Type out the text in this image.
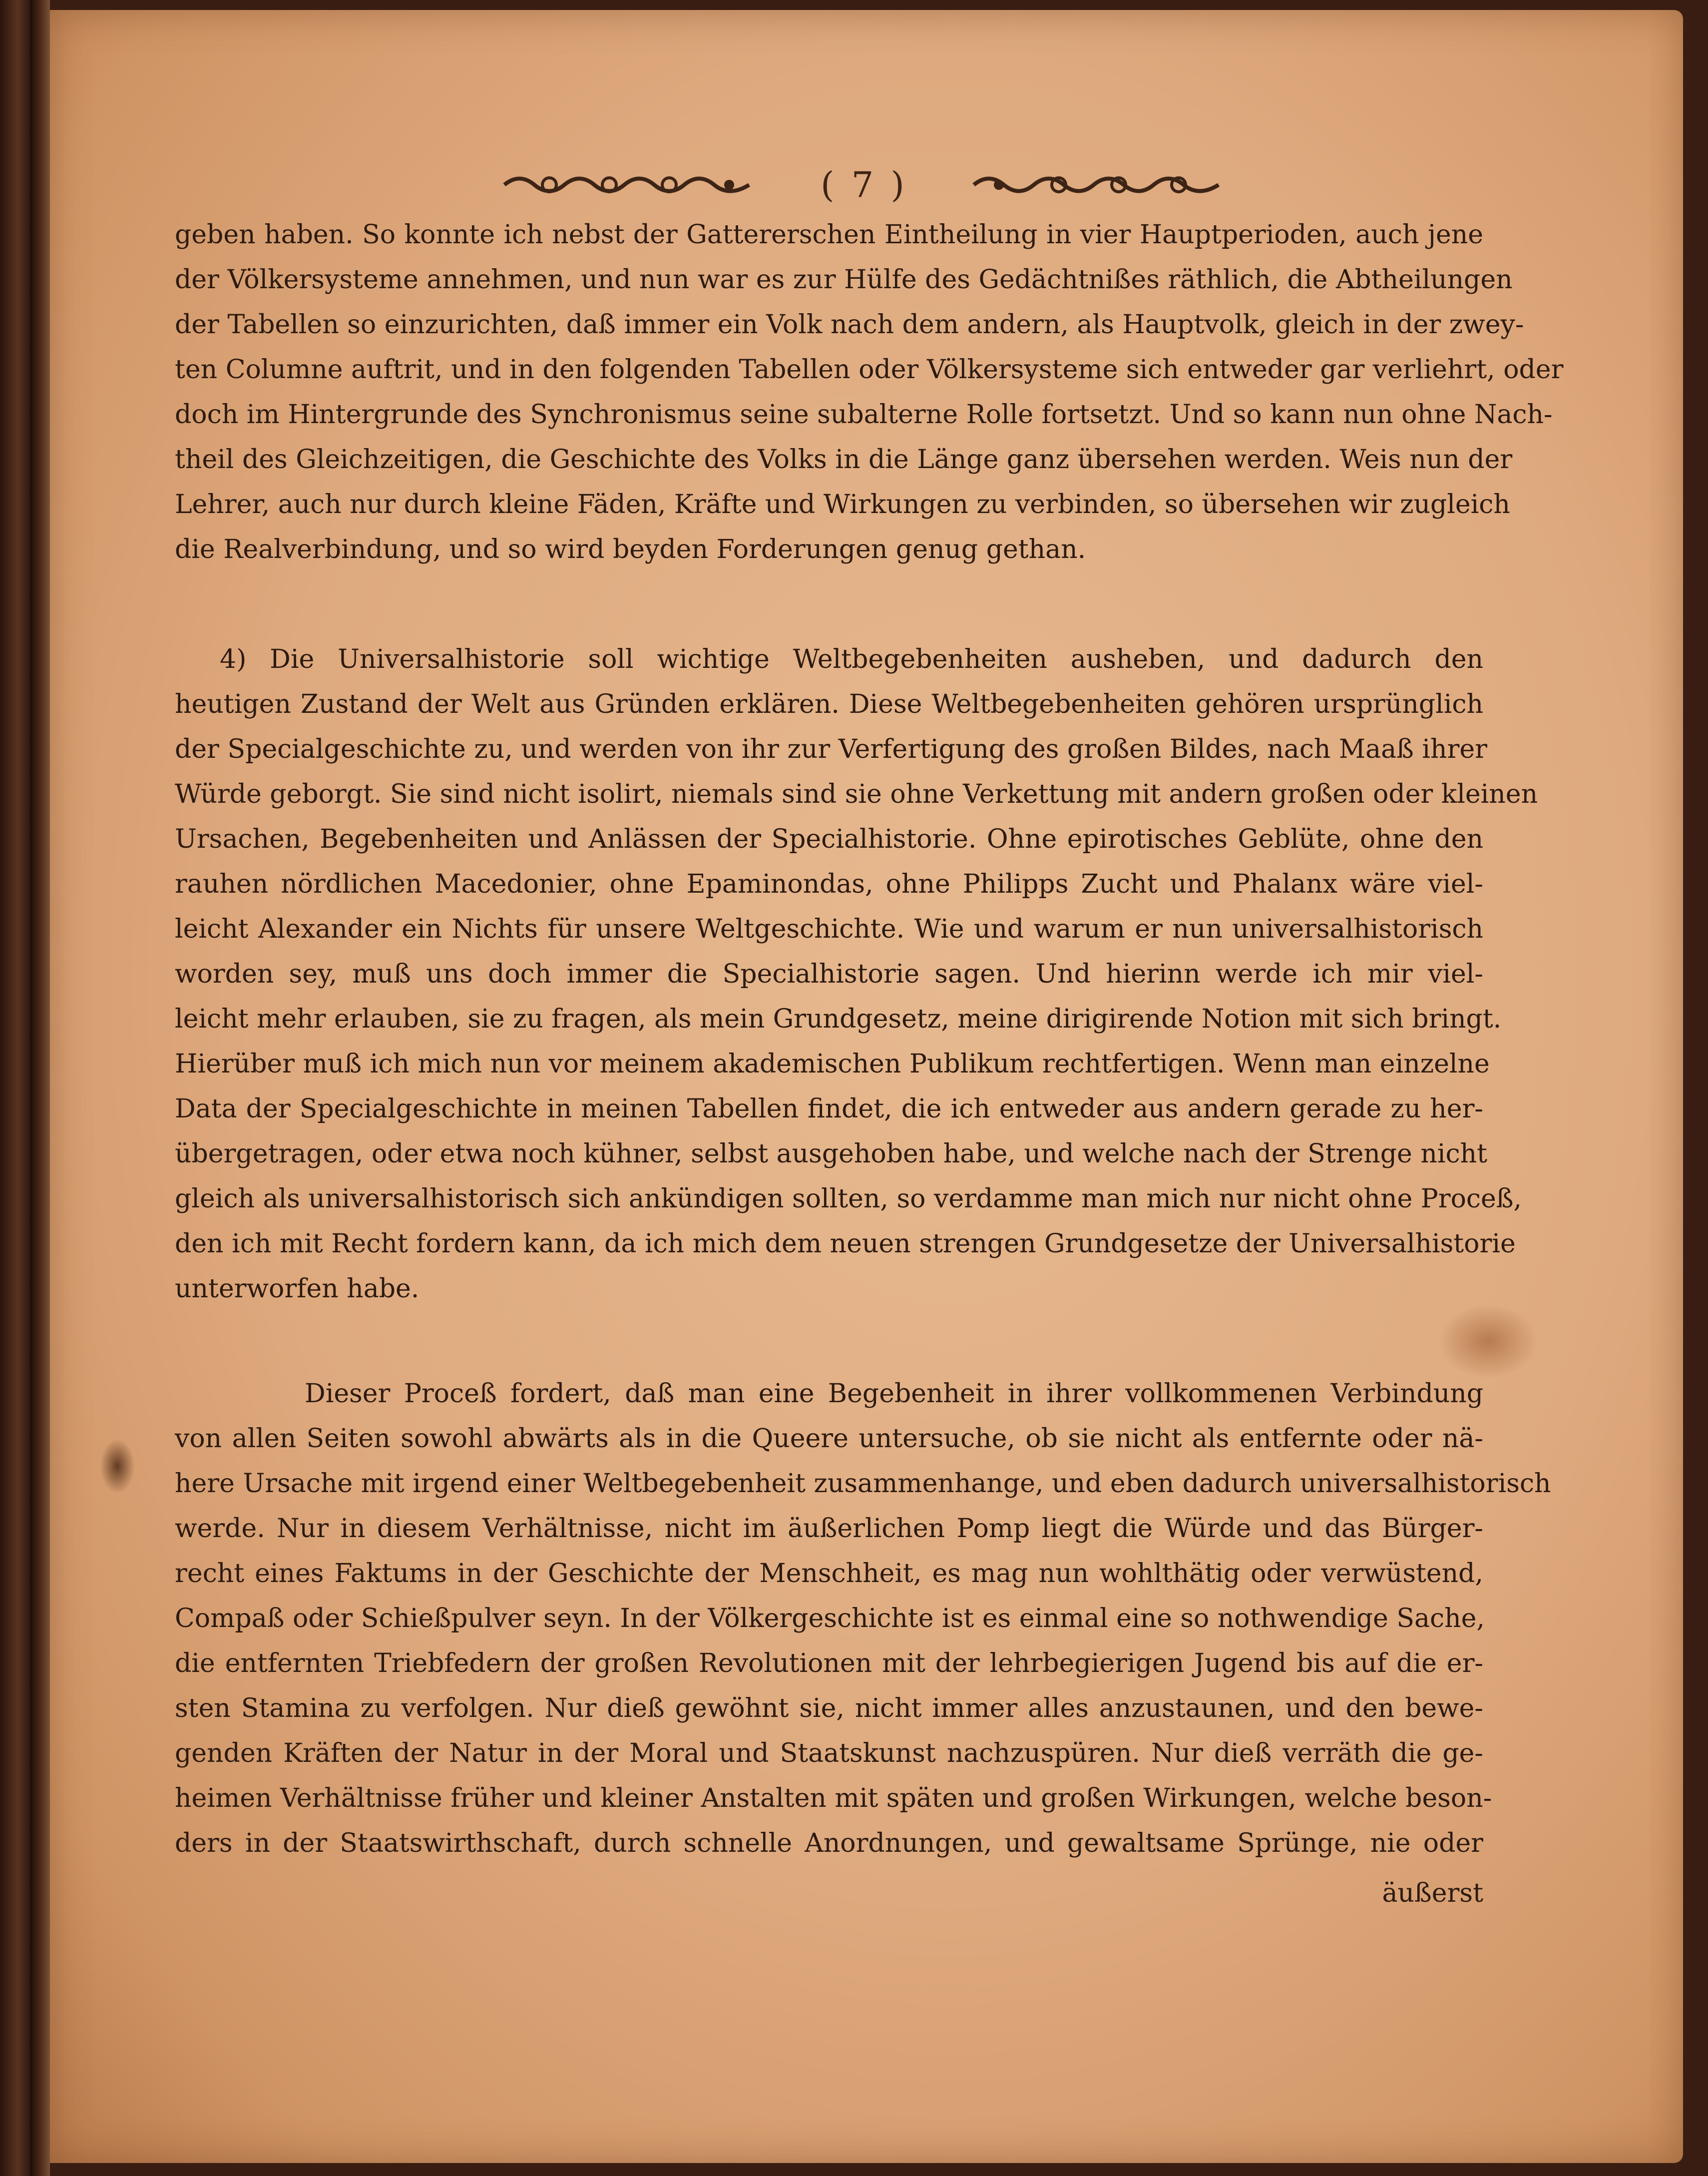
( 7 )
geben haben. So konnte ich nebst der Gattererschen Eintheilung in vier Hauptperioden, auch jene
der Völkersysteme annehmen, und nun war es zur Hülfe des Gedächtnißes räthlich, die Abtheilungen
der Tabellen so einzurichten, daß immer ein Volk nach dem andern, als Hauptvolk, gleich in der zwey-
ten Columne auftrit, und in den folgenden Tabellen oder Völkersysteme sich entweder gar verliehrt, oder
doch im Hintergrunde des Synchronismus seine subalterne Rolle fortsetzt. Und so kann nun ohne Nach-
theil des Gleichzeitigen, die Geschichte des Volks in die Länge ganz übersehen werden. Weis nun der
Lehrer, auch nur durch kleine Fäden, Kräfte und Wirkungen zu verbinden, so übersehen wir zugleich
die Realverbindung, und so wird beyden Forderungen genug gethan.
4) Die Universalhistorie soll wichtige Weltbegebenheiten ausheben, und dadurch den
heutigen Zustand der Welt aus Gründen erklären. Diese Weltbegebenheiten gehören ursprünglich
der Specialgeschichte zu, und werden von ihr zur Verfertigung des großen Bildes, nach Maaß ihrer
Würde geborgt. Sie sind nicht isolirt, niemals sind sie ohne Verkettung mit andern großen oder kleinen
Ursachen, Begebenheiten und Anlässen der Specialhistorie. Ohne epirotisches Geblüte, ohne den
rauhen nördlichen Macedonier, ohne Epaminondas, ohne Philipps Zucht und Phalanx wäre viel-
leicht Alexander ein Nichts für unsere Weltgeschichte. Wie und warum er nun universalhistorisch
worden sey, muß uns doch immer die Specialhistorie sagen. Und hierinn werde ich mir viel-
leicht mehr erlauben, sie zu fragen, als mein Grundgesetz, meine dirigirende Notion mit sich bringt.
Hierüber muß ich mich nun vor meinem akademischen Publikum rechtfertigen. Wenn man einzelne
Data der Specialgeschichte in meinen Tabellen findet, die ich entweder aus andern gerade zu her-
übergetragen, oder etwa noch kühner, selbst ausgehoben habe, und welche nach der Strenge nicht
gleich als universalhistorisch sich ankündigen sollten, so verdamme man mich nur nicht ohne Proceß,
den ich mit Recht fordern kann, da ich mich dem neuen strengen Grundgesetze der Universalhistorie
unterworfen habe.
Dieser Proceß fordert, daß man eine Begebenheit in ihrer vollkommenen Verbindung
von allen Seiten sowohl abwärts als in die Queere untersuche, ob sie nicht als entfernte oder nä-
here Ursache mit irgend einer Weltbegebenheit zusammenhange, und eben dadurch universalhistorisch
werde. Nur in diesem Verhältnisse, nicht im äußerlichen Pomp liegt die Würde und das Bürger-
recht eines Faktums in der Geschichte der Menschheit, es mag nun wohlthätig oder verwüstend,
Compaß oder Schießpulver seyn. In der Völkergeschichte ist es einmal eine so nothwendige Sache,
die entfernten Triebfedern der großen Revolutionen mit der lehrbegierigen Jugend bis auf die er-
sten Stamina zu verfolgen. Nur dieß gewöhnt sie, nicht immer alles anzustaunen, und den bewe-
genden Kräften der Natur in der Moral und Staatskunst nachzuspüren. Nur dieß verräth die ge-
heimen Verhältnisse früher und kleiner Anstalten mit späten und großen Wirkungen, welche beson-
ders in der Staatswirthschaft, durch schnelle Anordnungen, und gewaltsame Sprünge, nie oder
äußerst
